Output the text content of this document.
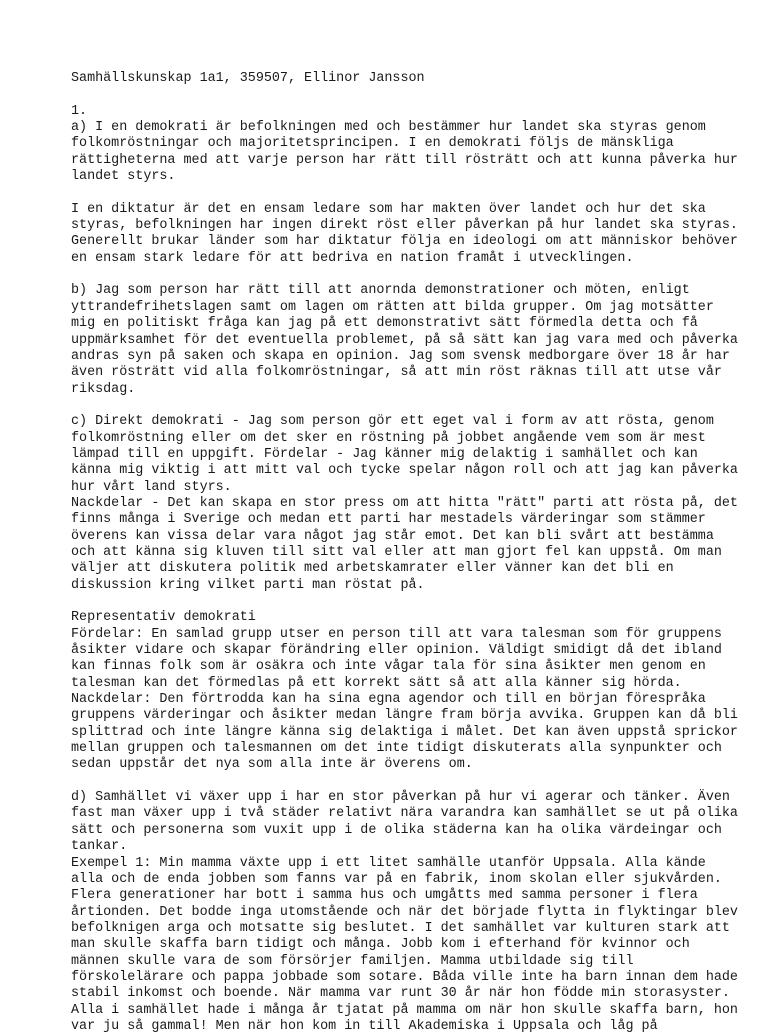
Samhällskunskap 1a1, 359507, Ellinor Jansson

1.
a) I en demokrati är befolkningen med och bestämmer hur landet ska styras genom
folkomröstningar och majoritetsprincipen. I en demokrati följs de mänskliga
rättigheterna med att varje person har rätt till rösträtt och att kunna påverka hur
landet styrs.

I en diktatur är det en ensam ledare som har makten över landet och hur det ska
styras, befolkningen har ingen direkt röst eller påverkan på hur landet ska styras.
Generellt brukar länder som har diktatur följa en ideologi om att människor behöver
en ensam stark ledare för att bedriva en nation framåt i utvecklingen.

b) Jag som person har rätt till att anornda demonstrationer och möten, enligt
yttrandefrihetslagen samt om lagen om rätten att bilda grupper. Om jag motsätter
mig en politiskt fråga kan jag på ett demonstrativt sätt förmedla detta och få
uppmärksamhet för det eventuella problemet, på så sätt kan jag vara med och påverka
andras syn på saken och skapa en opinion. Jag som svensk medborgare över 18 år har
även rösträtt vid alla folkomröstningar, så att min röst räknas till att utse vår
riksdag.

c) Direkt demokrati - Jag som person gör ett eget val i form av att rösta, genom
folkomröstning eller om det sker en röstning på jobbet angående vem som är mest
lämpad till en uppgift. Fördelar - Jag känner mig delaktig i samhället och kan
känna mig viktig i att mitt val och tycke spelar någon roll och att jag kan påverka
hur vårt land styrs.
Nackdelar - Det kan skapa en stor press om att hitta "rätt" parti att rösta på, det
finns många i Sverige och medan ett parti har mestadels värderingar som stämmer
överens kan vissa delar vara något jag står emot. Det kan bli svårt att bestämma
och att känna sig kluven till sitt val eller att man gjort fel kan uppstå. Om man
väljer att diskutera politik med arbetskamrater eller vänner kan det bli en
diskussion kring vilket parti man röstat på.

Representativ demokrati
Fördelar: En samlad grupp utser en person till att vara talesman som för gruppens
åsikter vidare och skapar förändring eller opinion. Väldigt smidigt då det ibland
kan finnas folk som är osäkra och inte vågar tala för sina åsikter men genom en
talesman kan det förmedlas på ett korrekt sätt så att alla känner sig hörda.
Nackdelar: Den förtrodda kan ha sina egna agendor och till en början förespråka
gruppens värderingar och åsikter medan längre fram börja avvika. Gruppen kan då bli
splittrad och inte längre känna sig delaktiga i målet. Det kan även uppstå sprickor
mellan gruppen och talesmannen om det inte tidigt diskuterats alla synpunkter och
sedan uppstår det nya som alla inte är överens om.

d) Samhället vi växer upp i har en stor påverkan på hur vi agerar och tänker. Även
fast man växer upp i två städer relativt nära varandra kan samhället se ut på olika
sätt och personerna som vuxit upp i de olika städerna kan ha olika värdeingar och
tankar.
Exempel 1: Min mamma växte upp i ett litet samhälle utanför Uppsala. Alla kände
alla och de enda jobben som fanns var på en fabrik, inom skolan eller sjukvården.
Flera generationer har bott i samma hus och umgåtts med samma personer i flera
årtionden. Det bodde inga utomstående och när det började flytta in flyktingar blev
befolknigen arga och motsatte sig beslutet. I det samhället var kulturen stark att
man skulle skaffa barn tidigt och många. Jobb kom i efterhand för kvinnor och
männen skulle vara de som försörjer familjen. Mamma utbildade sig till
förskolelärare och pappa jobbade som sotare. Båda ville inte ha barn innan dem hade
stabil inkomst och boende. När mamma var runt 30 år när hon födde min storasyster.
Alla i samhället hade i många år tjatat på mamma om när hon skulle skaffa barn, hon
var ju så gammal! Men när hon kom in till Akademiska i Uppsala och låg på
